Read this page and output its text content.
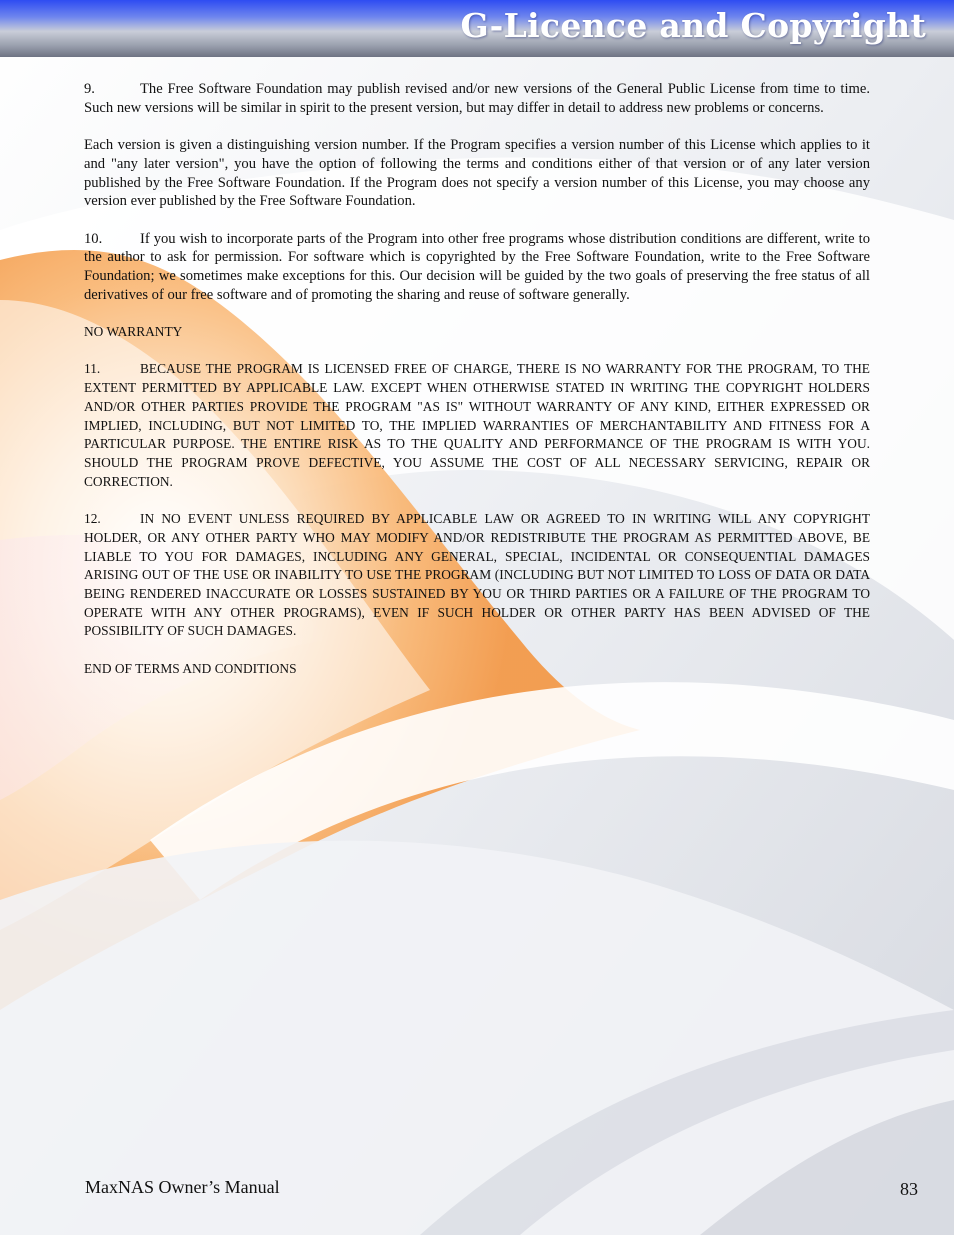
G-Licence and Copyright

9.	The Free Software Foundation may publish revised and/or new versions of the General Public License from time to time. Such new versions will be similar in spirit to the present version, but may differ in detail to address new problems or concerns.

Each version is given a distinguishing version number. If the Program specifies a version number of this License which applies to it and "any later version", you have the option of following the terms and conditions either of that version or of any later version published by the Free Software Foundation. If the Program does not specify a version number of this License, you may choose any version ever published by the Free Software Foundation.

10.	If you wish to incorporate parts of the Program into other free programs whose distribution conditions are different, write to the author to ask for permission. For software which is copyrighted by the Free Software Foundation, write to the Free Software Foundation; we sometimes make exceptions for this. Our decision will be guided by the two goals of preserving the free status of all derivatives of our free software and of promoting the sharing and reuse of software generally.

NO WARRANTY

11.	BECAUSE THE PROGRAM IS LICENSED FREE OF CHARGE, THERE IS NO WARRANTY FOR THE PROGRAM, TO THE EXTENT PERMITTED BY APPLICABLE LAW. EXCEPT WHEN OTHERWISE STATED IN WRITING THE COPYRIGHT HOLDERS AND/OR OTHER PARTIES PROVIDE THE PROGRAM "AS IS" WITHOUT WARRANTY OF ANY KIND, EITHER EXPRESSED OR IMPLIED, INCLUDING, BUT NOT LIMITED TO, THE IMPLIED WARRANTIES OF MERCHANTABILITY AND FITNESS FOR A PARTICULAR PURPOSE. THE ENTIRE RISK AS TO THE QUALITY AND PERFORMANCE OF THE PROGRAM IS WITH YOU. SHOULD THE PROGRAM PROVE DEFECTIVE, YOU ASSUME THE COST OF ALL NECESSARY SERVICING, REPAIR OR CORRECTION.

12.	IN NO EVENT UNLESS REQUIRED BY APPLICABLE LAW OR AGREED TO IN WRITING WILL ANY COPYRIGHT HOLDER, OR ANY OTHER PARTY WHO MAY MODIFY AND/OR REDISTRIBUTE THE PROGRAM AS PERMITTED ABOVE, BE LIABLE TO YOU FOR DAMAGES, INCLUDING ANY GENERAL, SPECIAL, INCIDENTAL OR CONSEQUENTIAL DAMAGES ARISING OUT OF THE USE OR INABILITY TO USE THE PROGRAM (INCLUDING BUT NOT LIMITED TO LOSS OF DATA OR DATA BEING RENDERED INACCURATE OR LOSSES SUSTAINED BY YOU OR THIRD PARTIES OR A FAILURE OF THE PROGRAM TO OPERATE WITH ANY OTHER PROGRAMS), EVEN IF SUCH HOLDER OR OTHER PARTY HAS BEEN ADVISED OF THE POSSIBILITY OF SUCH DAMAGES.

END OF TERMS AND CONDITIONS

MaxNAS Owner’s Manual	83
